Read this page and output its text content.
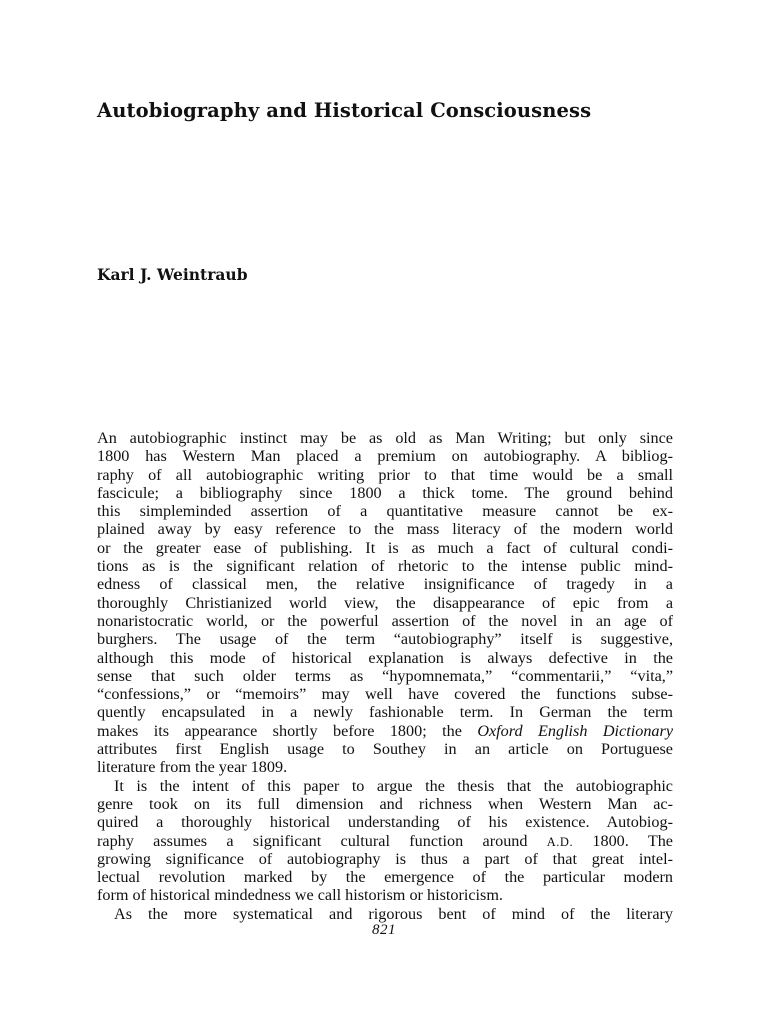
Autobiography and Historical Consciousness
Karl J. Weintraub
An autobiographic instinct may be as old as Man Writing; but only since
1800 has Western Man placed a premium on autobiography. A bibliog-
raphy of all autobiographic writing prior to that time would be a small
fascicule; a bibliography since 1800 a thick tome. The ground behind
this simpleminded assertion of a quantitative measure cannot be ex-
plained away by easy reference to the mass literacy of the modern world
or the greater ease of publishing. It is as much a fact of cultural condi-
tions as is the significant relation of rhetoric to the intense public mind-
edness of classical men, the relative insignificance of tragedy in a
thoroughly Christianized world view, the disappearance of epic from a
nonaristocratic world, or the powerful assertion of the novel in an age of
burghers. The usage of the term “autobiography” itself is suggestive,
although this mode of historical explanation is always defective in the
sense that such older terms as “hypomnemata,” “commentarii,” “vita,”
“confessions,” or “memoirs” may well have covered the functions subse-
quently encapsulated in a newly fashionable term. In German the term
makes its appearance shortly before 1800; the Oxford English Dictionary
attributes first English usage to Southey in an article on Portuguese
literature from the year 1809.
It is the intent of this paper to argue the thesis that the autobiographic
genre took on its full dimension and richness when Western Man ac-
quired a thoroughly historical understanding of his existence. Autobiog-
raphy assumes a significant cultural function around A.D. 1800. The
growing significance of autobiography is thus a part of that great intel-
lectual revolution marked by the emergence of the particular modern
form of historical mindedness we call historism or historicism.
As the more systematical and rigorous bent of mind of the literary
821
